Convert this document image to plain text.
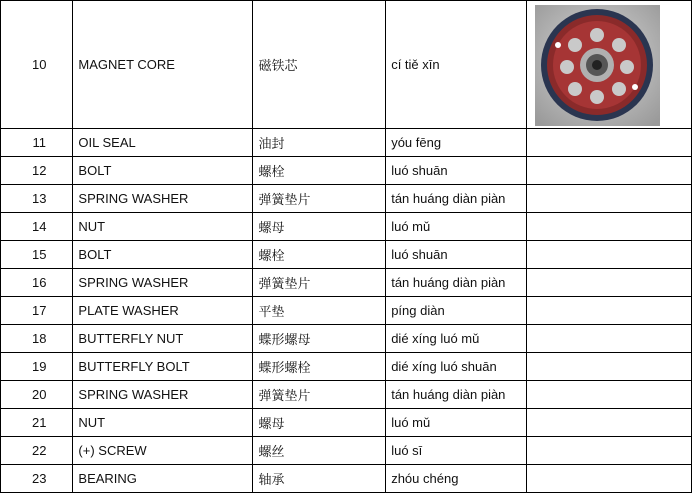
10	MAGNET CORE	磁铁芯	cí tiě xīn	

11	OIL SEAL	油封	yóu fēng	
12	BOLT	螺栓	luó shuān	
13	SPRING WASHER	弹簧垫片	tán huáng diàn piàn	
14	NUT	螺母	luó mǔ	
15	BOLT	螺栓	luó shuān	
16	SPRING WASHER	弹簧垫片	tán huáng diàn piàn	
17	PLATE WASHER	平垫	píng diàn	
18	BUTTERFLY NUT	蝶形螺母	dié xíng luó mǔ	
19	BUTTERFLY BOLT	蝶形螺栓	dié xíng luó shuān	
20	SPRING WASHER	弹簧垫片	tán huáng diàn piàn	
21	NUT	螺母	luó mǔ	
22	(+) SCREW	螺丝	luó sī	
23	BEARING	轴承	zhóu chéng	
